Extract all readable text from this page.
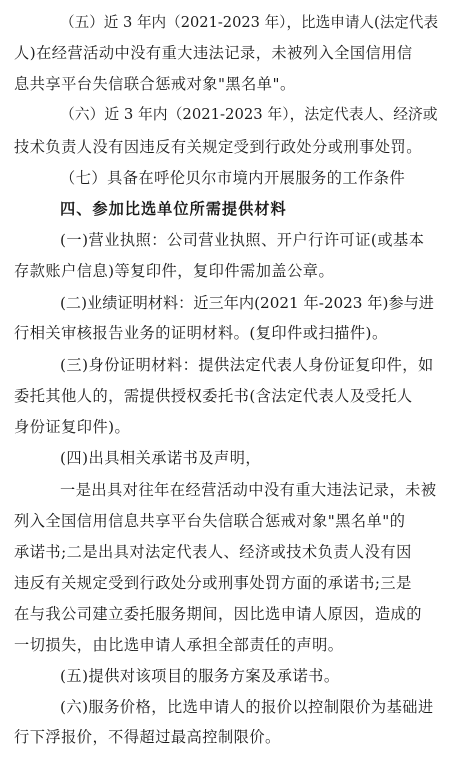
（五）近 3 年内（2021-2023 年），比选申请人(法定代表
人)在经营活动中没有重大违法记录，未被列入全国信用信
息共享平台失信联合惩戒对象"黑名单"。
（六）近 3 年内（2021-2023 年），法定代表人、经济或
技术负责人没有因违反有关规定受到行政处分或刑事处罚。
（七）具备在呼伦贝尔市境内开展服务的工作条件
四、参加比选单位所需提供材料
(一)营业执照：公司营业执照、开户行许可证(或基本
存款账户信息)等复印件，复印件需加盖公章。
(二)业绩证明材料：近三年内(2021 年-2023 年)参与进
行相关审核报告业务的证明材料。(复印件或扫描件)。
(三)身份证明材料：提供法定代表人身份证复印件，如
委托其他人的，需提供授权委托书(含法定代表人及受托人
身份证复印件)。
(四)出具相关承诺书及声明，
一是出具对往年在经营活动中没有重大违法记录，未被
列入全国信用信息共享平台失信联合惩戒对象"黑名单"的
承诺书;二是出具对法定代表人、经济或技术负责人没有因
违反有关规定受到行政处分或刑事处罚方面的承诺书;三是
在与我公司建立委托服务期间，因比选申请人原因，造成的
一切损失，由比选申请人承担全部责任的声明。
(五)提供对该项目的服务方案及承诺书。
(六)服务价格，比选申请人的报价以控制限价为基础进
行下浮报价，不得超过最高控制限价。
